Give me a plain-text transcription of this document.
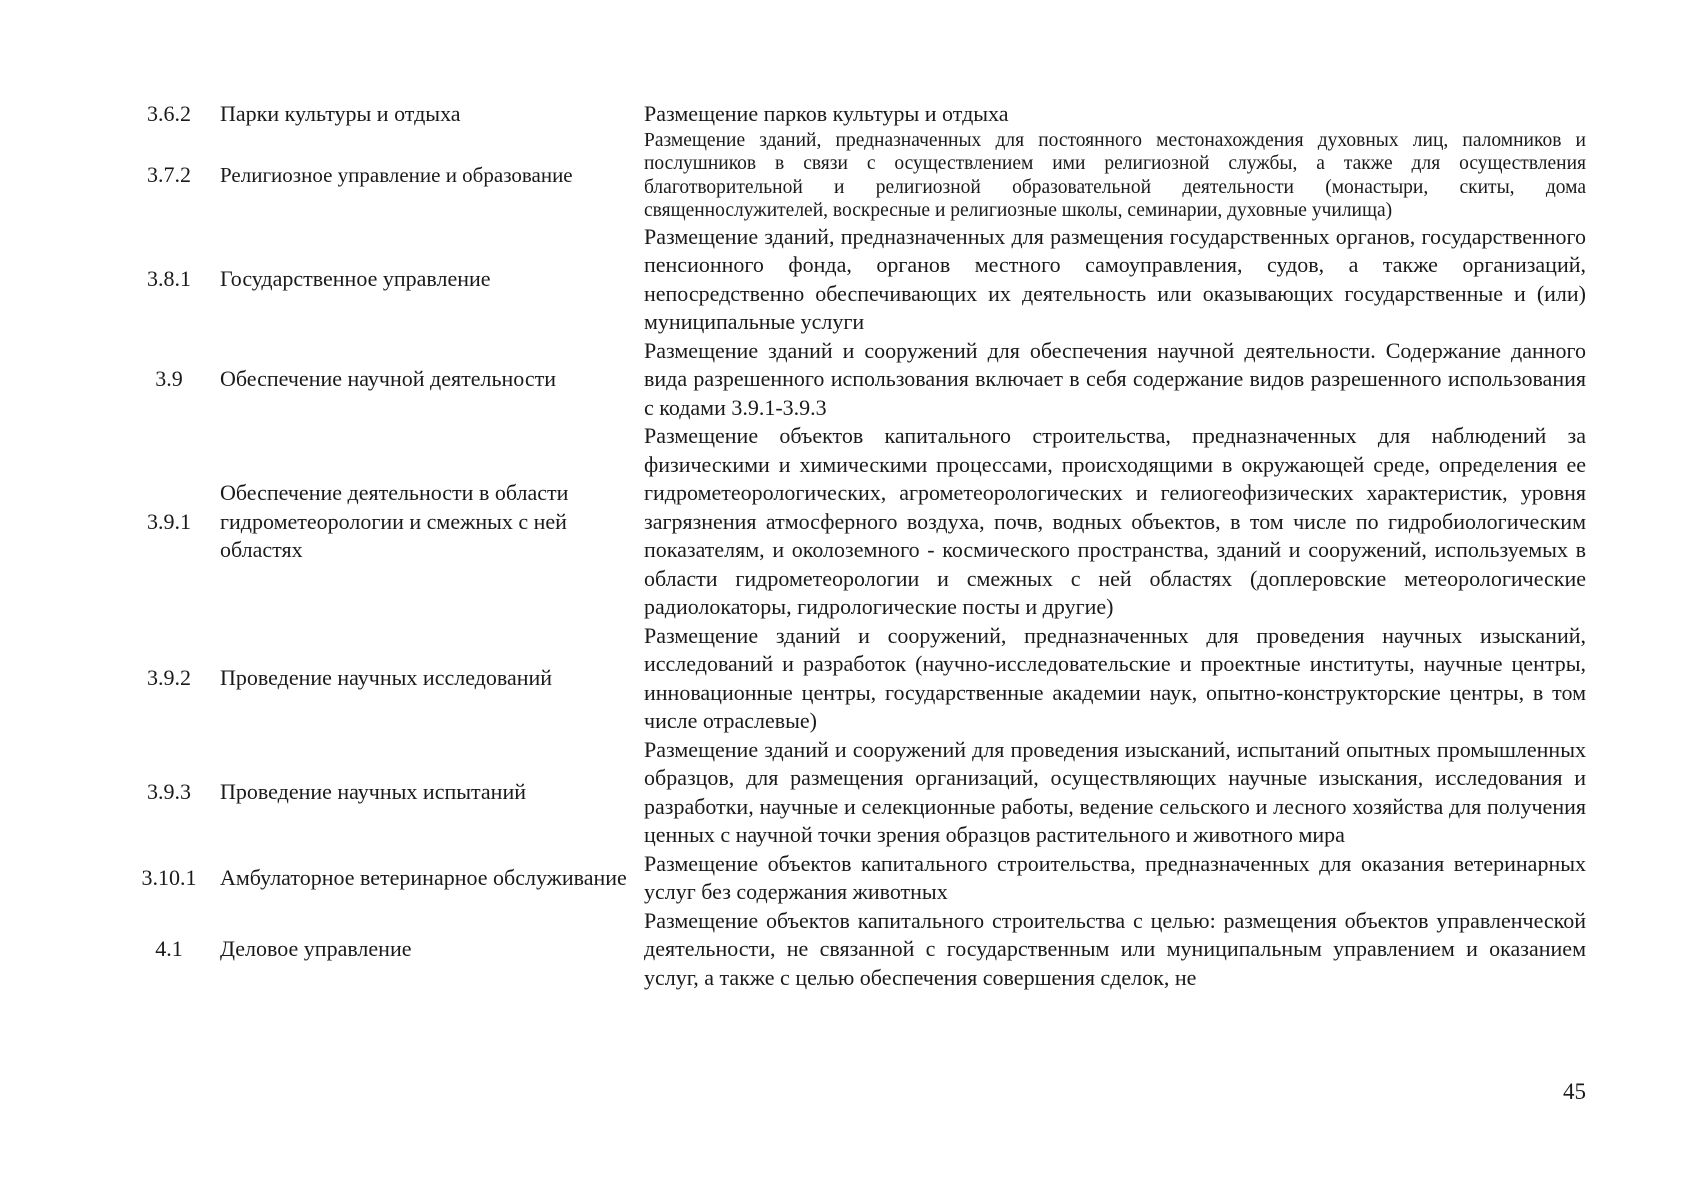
3.6.2	Парки культуры и отдыха	Размещение парков культуры и отдыха
3.7.2	Религиозное управление и образование	Размещение зданий, предназначенных для постоянного местонахождения духовных лиц, паломников и послушников в связи с осуществлением ими религиозной службы, а также для осуществления благотворительной и религиозной образовательной деятельности (монастыри, скиты, дома священнослужителей, воскресные и религиозные школы, семинарии, духовные училища)
3.8.1	Государственное управление	Размещение зданий, предназначенных для размещения государственных органов, государственного пенсионного фонда, органов местного самоуправления, судов, а также организаций, непосредственно обеспечивающих их деятельность или оказывающих государственные и (или) муниципальные услуги
3.9	Обеспечение научной деятельности	Размещение зданий и сооружений для обеспечения научной деятельности. Содержание данного вида разрешенного использования включает в себя содержание видов разрешенного использования с кодами 3.9.1-3.9.3
3.9.1	Обеспечение деятельности в области гидрометеорологии и смежных с ней областях	Размещение объектов капитального строительства, предназначенных для наблюдений за физическими и химическими процессами, происходящими в окружающей среде, определения ее гидрометеорологических, агрометеорологических и гелиогеофизических характеристик, уровня загрязнения атмосферного воздуха, почв, водных объектов, в том числе по гидробиологическим показателям, и околоземного - космического пространства, зданий и сооружений, используемых в области гидрометеорологии и смежных с ней областях (доплеровские метеорологические радиолокаторы, гидрологические посты и другие)
3.9.2	Проведение научных исследований	Размещение зданий и сооружений, предназначенных для проведения научных изысканий, исследований и разработок (научно-исследовательские и проектные институты, научные центры, инновационные центры, государственные академии наук, опытно-конструкторские центры, в том числе отраслевые)
3.9.3	Проведение научных испытаний	Размещение зданий и сооружений для проведения изысканий, испытаний опытных промышленных образцов, для размещения организаций, осуществляющих научные изыскания, исследования и разработки, научные и селекционные работы, ведение сельского и лесного хозяйства для получения ценных с научной точки зрения образцов растительного и животного мира
3.10.1	Амбулаторное ветеринарное обслуживание	Размещение объектов капитального строительства, предназначенных для оказания ветеринарных услуг без содержания животных
4.1	Деловое управление	Размещение объектов капитального строительства с целью: размещения объектов управленческой деятельности, не связанной с государственным или муниципальным управлением и оказанием услуг, а также с целью обеспечения совершения сделок, не
45
